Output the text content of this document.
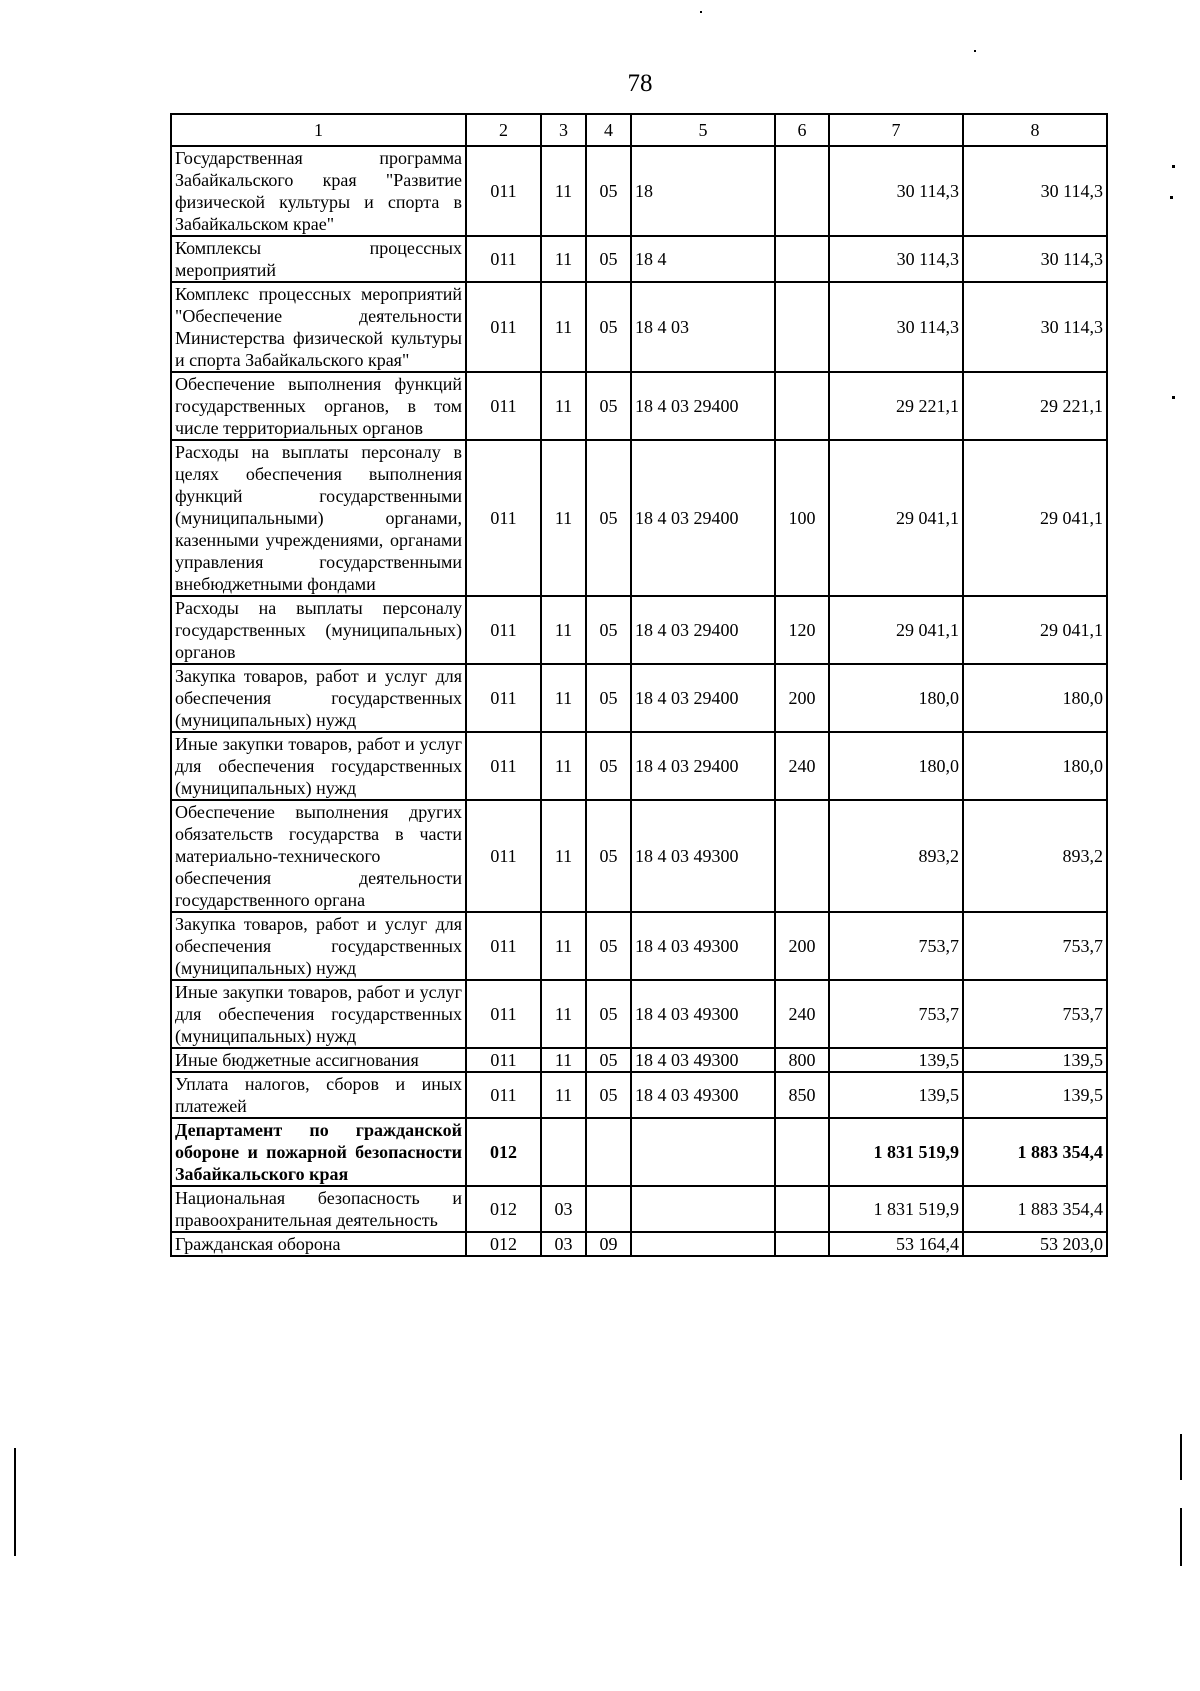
78
1	2	3	4	5	6	7	8
Государственная программа Забайкальского края "Развитие физической культуры и спорта в Забайкальском крае"	011	11	05	18		30 114,3	30 114,3
Комплексы процессных мероприятий	011	11	05	18 4		30 114,3	30 114,3
Комплекс процессных мероприятий "Обеспечение деятельности Министерства физической культуры и спорта Забайкальского края"	011	11	05	18 4 03		30 114,3	30 114,3
Обеспечение выполнения функций государственных органов, в том числе территориальных органов	011	11	05	18 4 03 29400		29 221,1	29 221,1
Расходы на выплаты персоналу в целях обеспечения выполнения функций государственными (муниципальными) органами, казенными учреждениями, органами управления государственными внебюджетными фондами	011	11	05	18 4 03 29400	100	29 041,1	29 041,1
Расходы на выплаты персоналу государственных (муниципальных) органов	011	11	05	18 4 03 29400	120	29 041,1	29 041,1
Закупка товаров, работ и услуг для обеспечения государственных (муниципальных) нужд	011	11	05	18 4 03 29400	200	180,0	180,0
Иные закупки товаров, работ и услуг для обеспечения государственных (муниципальных) нужд	011	11	05	18 4 03 29400	240	180,0	180,0
Обеспечение выполнения других обязательств государства в части материально-технического обеспечения деятельности государственного органа	011	11	05	18 4 03 49300		893,2	893,2
Закупка товаров, работ и услуг для обеспечения государственных (муниципальных) нужд	011	11	05	18 4 03 49300	200	753,7	753,7
Иные закупки товаров, работ и услуг для обеспечения государственных (муниципальных) нужд	011	11	05	18 4 03 49300	240	753,7	753,7
Иные бюджетные ассигнования	011	11	05	18 4 03 49300	800	139,5	139,5
Уплата налогов, сборов и иных платежей	011	11	05	18 4 03 49300	850	139,5	139,5
Департамент по гражданской обороне и пожарной безопасности Забайкальского края	012					1 831 519,9	1 883 354,4
Национальная безопасность и правоохранительная деятельность	012	03				1 831 519,9	1 883 354,4
Гражданская оборона	012	03	09			53 164,4	53 203,0
